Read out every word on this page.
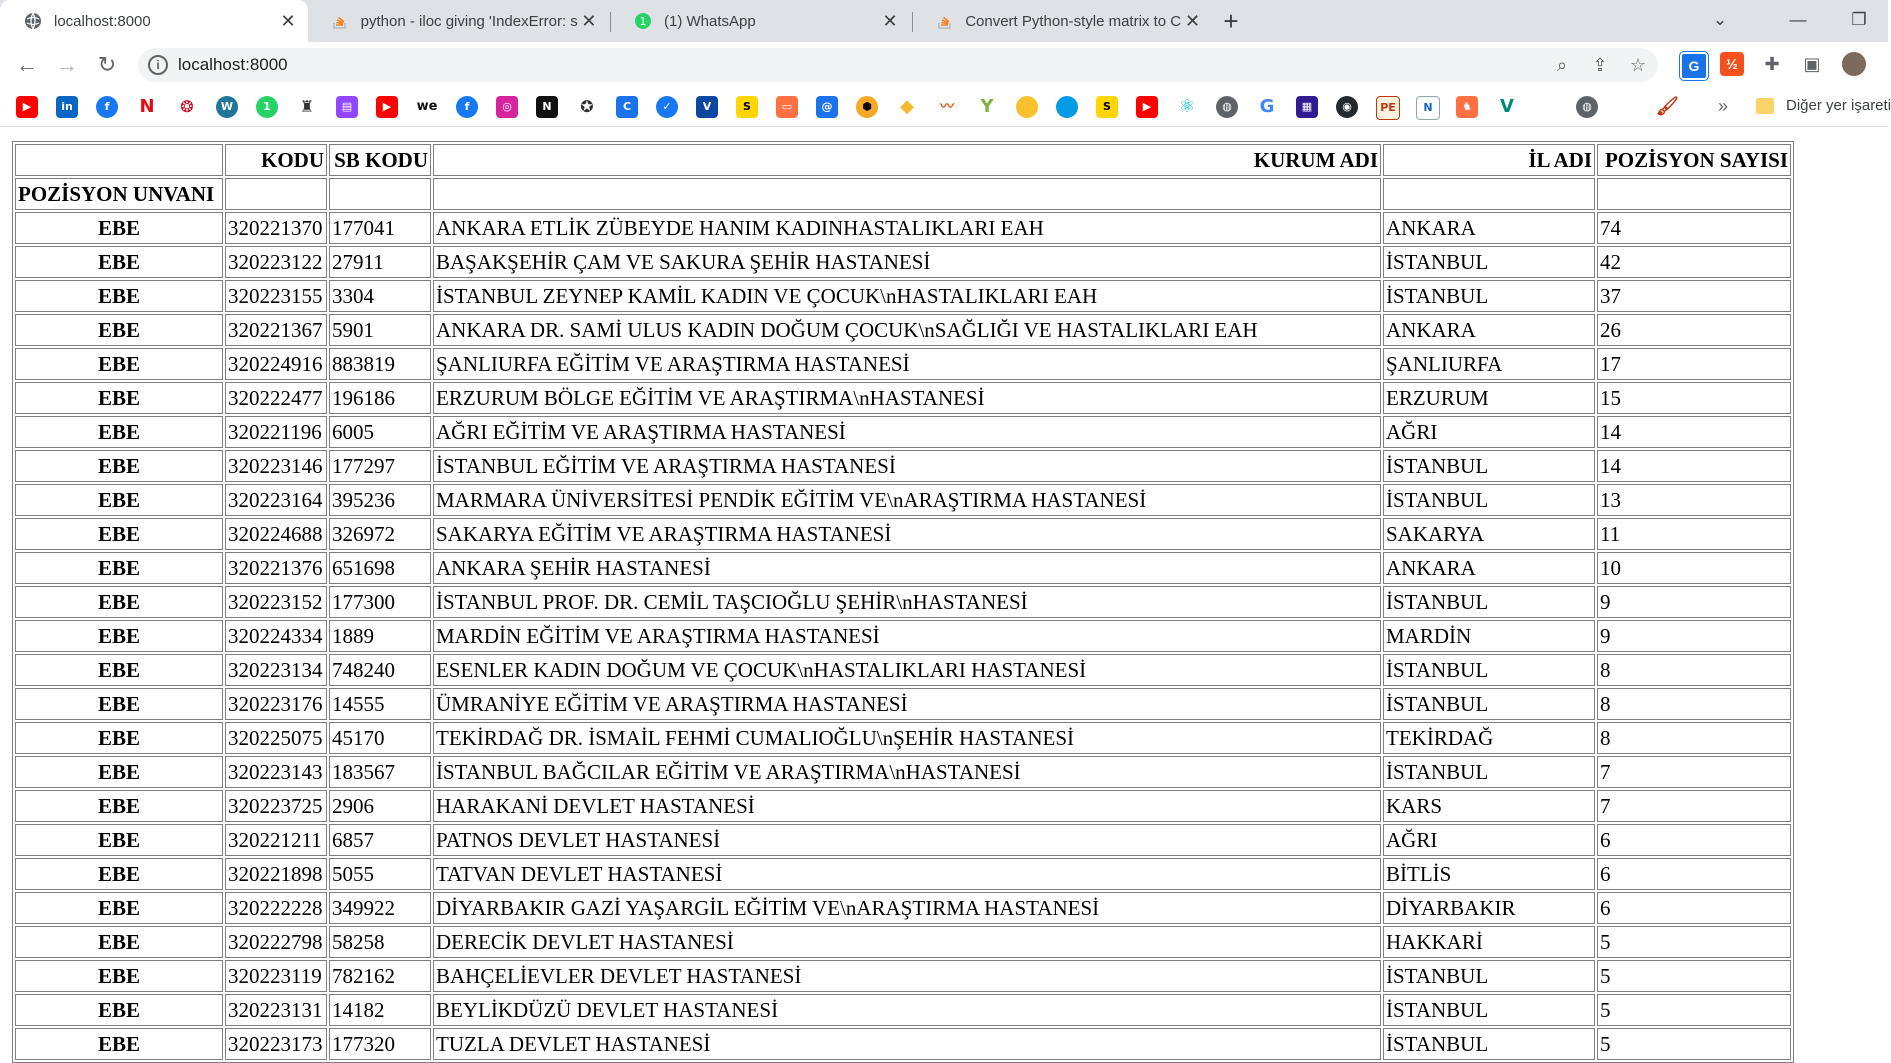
localhost:8000	✕	python - iloc giving 'IndexError: s ✕	1 (1) WhatsApp	✕	Convert Python-style matrix to C ✕ +	⌄	—	❐
← → ↻	i	localhost:8000	⌕	⇪ ☆	G	½	✚ ▣
▶	in	f	N ❂	W	1	♜	▤	▶	we	f	◎	N	✪	C	✓	V	S	▭	@	⬢	◆ 〰 Y	S	▶	⚛	◍	G	▦	◉	PE	N	♞	V	◍	🖌 »	Diğer yer işareti
	KODU	SB KODU	KURUM ADI	İL ADI	POZİSYON SAYISI
POZİSYON UNVANI					
EBE	320221370	177041	ANKARA ETLİK ZÜBEYDE HANIM KADINHASTALIKLARI EAH	ANKARA	74
EBE	320223122	27911	BAŞAKŞEHİR ÇAM VE SAKURA ŞEHİR HASTANESİ	İSTANBUL	42
EBE	320223155	3304	İSTANBUL ZEYNEP KAMİL KADIN VE ÇOCUK\nHASTALIKLARI EAH	İSTANBUL	37
EBE	320221367	5901	ANKARA DR. SAMİ ULUS KADIN DOĞUM ÇOCUK\nSAĞLIĞI VE HASTALIKLARI EAH	ANKARA	26
EBE	320224916	883819	ŞANLIURFA EĞİTİM VE ARAŞTIRMA HASTANESİ	ŞANLIURFA	17
EBE	320222477	196186	ERZURUM BÖLGE EĞİTİM VE ARAŞTIRMA\nHASTANESİ	ERZURUM	15
EBE	320221196	6005	AĞRI EĞİTİM VE ARAŞTIRMA HASTANESİ	AĞRI	14
EBE	320223146	177297	İSTANBUL EĞİTİM VE ARAŞTIRMA HASTANESİ	İSTANBUL	14
EBE	320223164	395236	MARMARA ÜNİVERSİTESİ PENDİK EĞİTİM VE\nARAŞTIRMA HASTANESİ	İSTANBUL	13
EBE	320224688	326972	SAKARYA EĞİTİM VE ARAŞTIRMA HASTANESİ	SAKARYA	11
EBE	320221376	651698	ANKARA ŞEHİR HASTANESİ	ANKARA	10
EBE	320223152	177300	İSTANBUL PROF. DR. CEMİL TAŞCIOĞLU ŞEHİR\nHASTANESİ	İSTANBUL	9
EBE	320224334	1889	MARDİN EĞİTİM VE ARAŞTIRMA HASTANESİ	MARDİN	9
EBE	320223134	748240	ESENLER KADIN DOĞUM VE ÇOCUK\nHASTALIKLARI HASTANESİ	İSTANBUL	8
EBE	320223176	14555	ÜMRANİYE EĞİTİM VE ARAŞTIRMA HASTANESİ	İSTANBUL	8
EBE	320225075	45170	TEKİRDAĞ DR. İSMAİL FEHMİ CUMALIOĞLU\nŞEHİR HASTANESİ	TEKİRDAĞ	8
EBE	320223143	183567	İSTANBUL BAĞCILAR EĞİTİM VE ARAŞTIRMA\nHASTANESİ	İSTANBUL	7
EBE	320223725	2906	HARAKANİ DEVLET HASTANESİ	KARS	7
EBE	320221211	6857	PATNOS DEVLET HASTANESİ	AĞRI	6
EBE	320221898	5055	TATVAN DEVLET HASTANESİ	BİTLİS	6
EBE	320222228	349922	DİYARBAKIR GAZİ YAŞARGİL EĞİTİM VE\nARAŞTIRMA HASTANESİ	DİYARBAKIR	6
EBE	320222798	58258	DERECİK DEVLET HASTANESİ	HAKKARİ	5
EBE	320223119	782162	BAHÇELİEVLER DEVLET HASTANESİ	İSTANBUL	5
EBE	320223131	14182	BEYLİKDÜZÜ DEVLET HASTANESİ	İSTANBUL	5
EBE	320223173	177320	TUZLA DEVLET HASTANESİ	İSTANBUL	5
